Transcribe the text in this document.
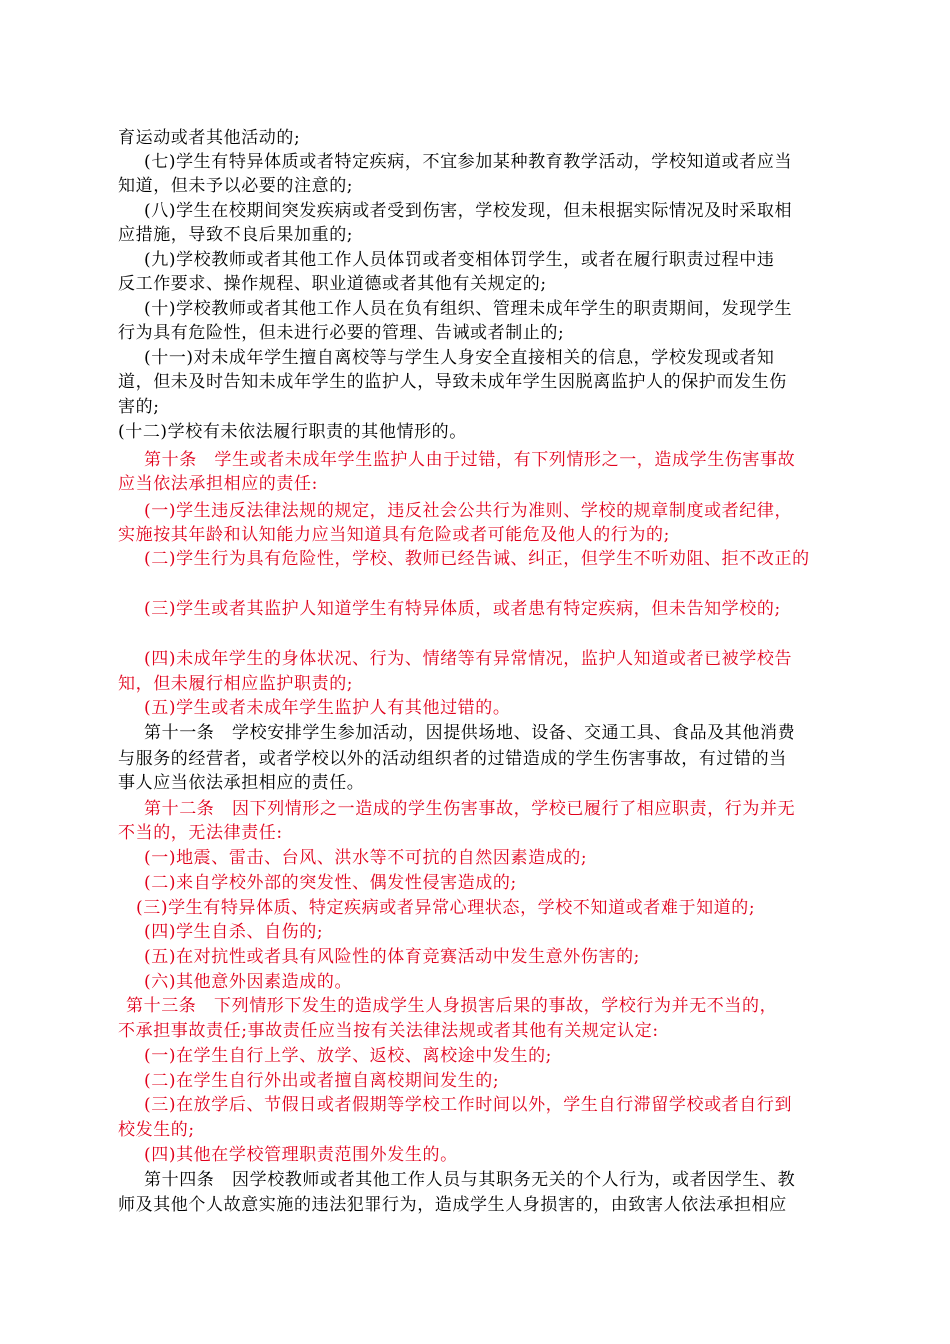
育运动或者其他活动的;
(七)学生有特异体质或者特定疾病，不宜参加某种教育教学活动，学校知道或者应当
知道，但未予以必要的注意的;
(八)学生在校期间突发疾病或者受到伤害，学校发现，但未根据实际情况及时采取相
应措施，导致不良后果加重的;
(九)学校教师或者其他工作人员体罚或者变相体罚学生，或者在履行职责过程中违
反工作要求、操作规程、职业道德或者其他有关规定的;
(十)学校教师或者其他工作人员在负有组织、管理未成年学生的职责期间，发现学生
行为具有危险性，但未进行必要的管理、告诫或者制止的;
(十一)对未成年学生擅自离校等与学生人身安全直接相关的信息，学校发现或者知
道，但未及时告知未成年学生的监护人，导致未成年学生因脱离监护人的保护而发生伤
害的;
(十二)学校有未依法履行职责的其他情形的。
第十条　学生或者未成年学生监护人由于过错，有下列情形之一，造成学生伤害事故
应当依法承担相应的责任:
(一)学生违反法律法规的规定，违反社会公共行为准则、学校的规章制度或者纪律，
实施按其年龄和认知能力应当知道具有危险或者可能危及他人的行为的;
(二)学生行为具有危险性，学校、教师已经告诫、纠正，但学生不听劝阻、拒不改正的
(三)学生或者其监护人知道学生有特异体质，或者患有特定疾病，但未告知学校的;
(四)未成年学生的身体状况、行为、情绪等有异常情况，监护人知道或者已被学校告
知，但未履行相应监护职责的;
(五)学生或者未成年学生监护人有其他过错的。
第十一条　学校安排学生参加活动，因提供场地、设备、交通工具、食品及其他消费
与服务的经营者，或者学校以外的活动组织者的过错造成的学生伤害事故，有过错的当
事人应当依法承担相应的责任。
第十二条　因下列情形之一造成的学生伤害事故，学校已履行了相应职责，行为并无
不当的，无法律责任:
(一)地震、雷击、台风、洪水等不可抗的自然因素造成的;
(二)来自学校外部的突发性、偶发性侵害造成的;
(三)学生有特异体质、特定疾病或者异常心理状态，学校不知道或者难于知道的;
(四)学生自杀、自伤的;
(五)在对抗性或者具有风险性的体育竞赛活动中发生意外伤害的;
(六)其他意外因素造成的。
第十三条　下列情形下发生的造成学生人身损害后果的事故，学校行为并无不当的，
不承担事故责任;事故责任应当按有关法律法规或者其他有关规定认定:
(一)在学生自行上学、放学、返校、离校途中发生的;
(二)在学生自行外出或者擅自离校期间发生的;
(三)在放学后、节假日或者假期等学校工作时间以外，学生自行滞留学校或者自行到
校发生的;
(四)其他在学校管理职责范围外发生的。
第十四条　因学校教师或者其他工作人员与其职务无关的个人行为，或者因学生、教
师及其他个人故意实施的违法犯罪行为，造成学生人身损害的，由致害人依法承担相应
